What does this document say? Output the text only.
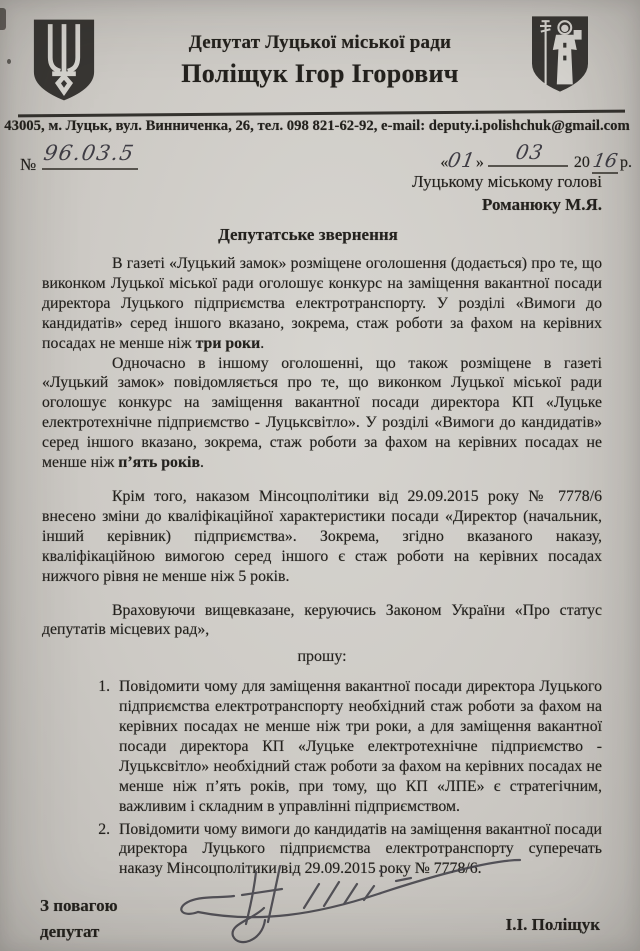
Депутат Луцької міської ради
Поліщук Ігор Ігорович
43005, м. Луцьк, вул. Винниченка, 26, тел. 098 821-62-92, e-mail: deputy.i.polishchuk@gmail.com
№ 96.03.5	«01» 03 2016р.
Луцькому міському голові
Романюку М.Я.
Депутатське звернення

В газеті «Луцький замок» розміщене оголошення (додається) про те, що виконком Луцької міської ради оголошує конкурс на заміщення вакантної посади директора Луцького підприємства електротранспорту. У розділі «Вимоги до кандидатів» серед іншого вказано, зокрема, стаж роботи за фахом на керівних посадах не менше ніж три роки.

Одночасно в іншому оголошенні, що також розміщене в газеті «Луцький замок» повідомляється про те, що виконком Луцької міської ради оголошує конкурс на заміщення вакантної посади директора КП «Луцьке електротехнічне підприємство - Луцьксвітло». У розділі «Вимоги до кандидатів» серед іншого вказано, зокрема, стаж роботи за фахом на керівних посадах не менше ніж п’ять років.

Крім того, наказом Мінсоцполітики від 29.09.2015 року № 7778/6 внесено зміни до кваліфікаційної характеристики посади «Директор (начальник, інший керівник) підприємства». Зокрема, згідно вказаного наказу, кваліфікаційною вимогою серед іншого є стаж роботи на керівних посадах нижчого рівня не менше ніж 5 років.

Враховуючи вищевказане, керуючись Законом України «Про статус депутатів місцевих рад»,

прошу:

1. Повідомити чому для заміщення вакантної посади директора Луцького підприємства електротранспорту необхідний стаж роботи за фахом на керівних посадах не менше ніж три роки, а для заміщення вакантної посади директора КП «Луцьке електротехнічне підприємство - Луцьксвітло» необхідний стаж роботи за фахом на керівних посадах не менше ніж п’ять років, при тому, що КП «ЛПЕ» є стратегічним, важливим і складним в управлінні підприємством.
2. Повідомити чому вимоги до кандидатів на заміщення вакантної посади директора Луцького підприємства електротранспорту суперечать наказу Мінсоцполітики від 29.09.2015 року № 7778/6.
З повагою
депутат	І.І. Поліщук
